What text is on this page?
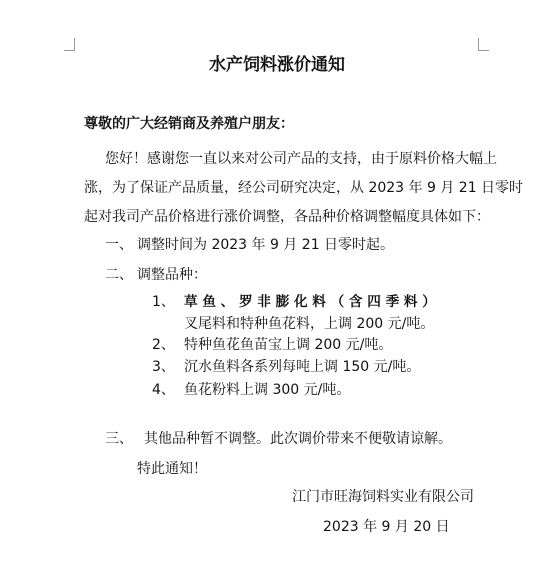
水产饲料涨价通知
尊敬的广大经销商及养殖户朋友：
您好！感谢您一直以来对公司产品的支持，由于原料价格大幅上
涨，为了保证产品质量，经公司研究决定，从 2023 年 9 月 21 日零时
起对我司产品价格进行涨价调整，各品种价格调整幅度具体如下：
一、 调整时间为 2023 年 9 月 21 日零时起。
二、 调整品种：
1、 草 鱼 、 罗 非 膨 化 料 （ 含 四 季 料 ）
叉尾料和特种鱼花料，上调 200 元/吨。
2、 特种鱼花鱼苗宝上调 200 元/吨。
3、 沉水鱼料各系列每吨上调 150 元/吨。
4、 鱼花粉料上调 300 元/吨。
三、 其他品种暂不调整。此次调价带来不便敬请谅解。
特此通知！
江门市旺海饲料实业有限公司
2023 年 9 月 20 日
